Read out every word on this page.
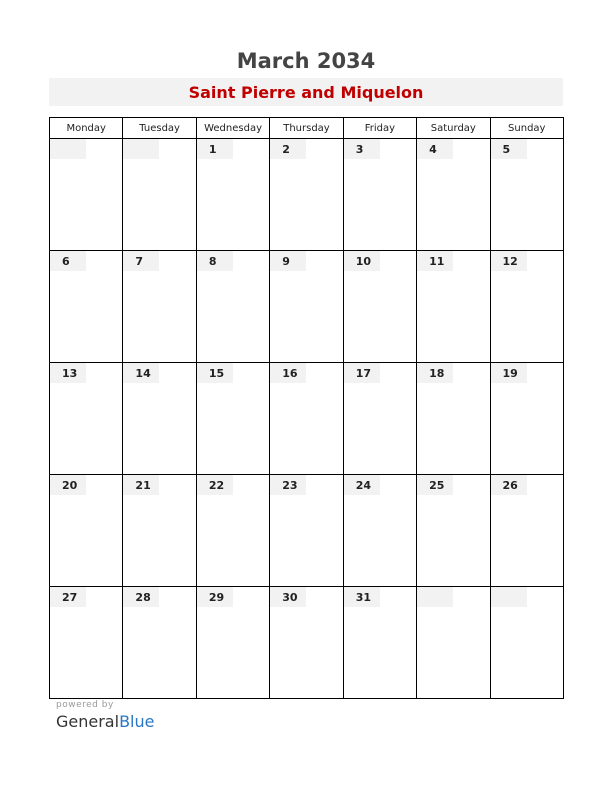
March 2034
Saint Pierre and Miquelon
Monday	Tuesday	Wednesday	Thursday	Friday	Saturday	Sunday

		1	2	3	4	5

6	7	8	9	10	11	12

13	14	15	16	17	18	19

20	21	22	23	24	25	26

27	28	29	30	31		

powered by
GeneralBlue
